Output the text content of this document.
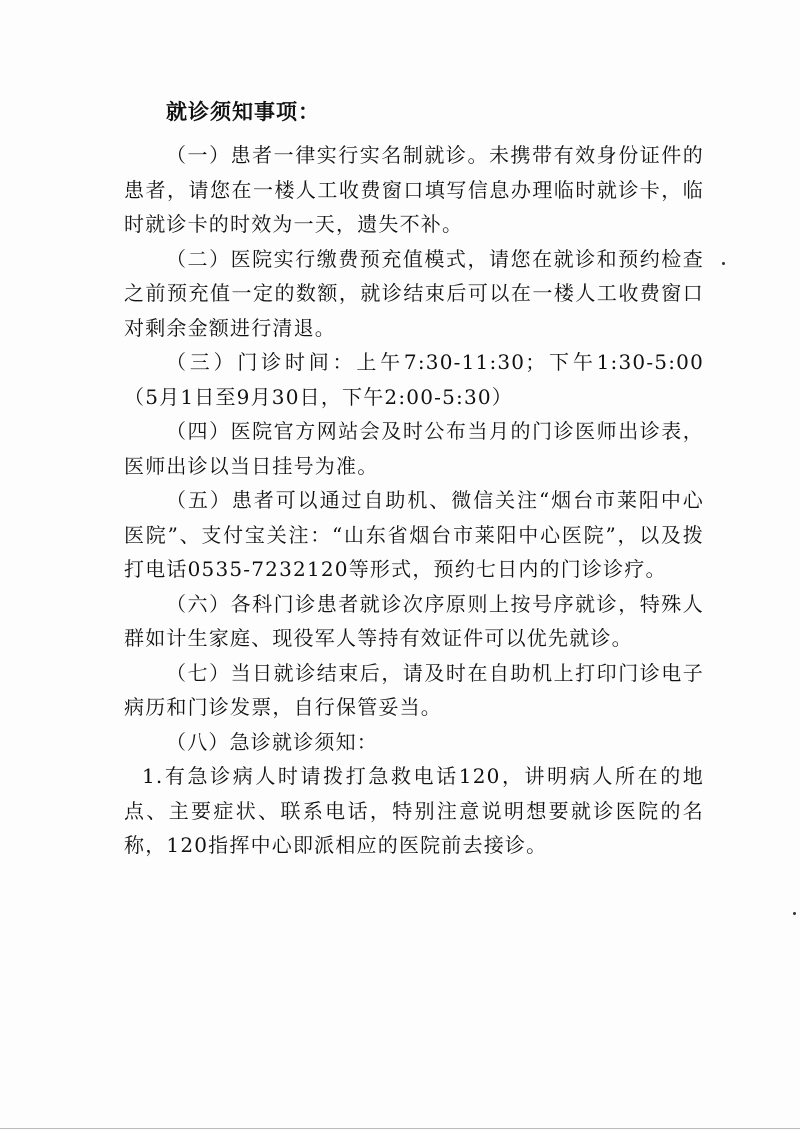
就诊须知事项：

（一）患者一律实行实名制就诊。未携带有效身份证件的患者，请您在一楼人工收费窗口填写信息办理临时就诊卡，临时就诊卡的时效为一天，遗失不补。

（二）医院实行缴费预充值模式，请您在就诊和预约检查之前预充值一定的数额，就诊结束后可以在一楼人工收费窗口对剩余金额进行清退。

（三）门诊时间：上午7:30-11:30；下午1:30-5:00（5月1日至9月30日，下午2:00-5:30）

（四）医院官方网站会及时公布当月的门诊医师出诊表，医师出诊以当日挂号为准。

（五）患者可以通过自助机、微信关注“烟台市莱阳中心医院”、支付宝关注：“山东省烟台市莱阳中心医院”，以及拨打电话0535-7232120等形式，预约七日内的门诊诊疗。

（六）各科门诊患者就诊次序原则上按号序就诊，特殊人群如计生家庭、现役军人等持有效证件可以优先就诊。

（七）当日就诊结束后，请及时在自助机上打印门诊电子病历和门诊发票，自行保管妥当。

（八）急诊就诊须知：

1.有急诊病人时请拨打急救电话120，讲明病人所在的地点、主要症状、联系电话，特别注意说明想要就诊医院的名称，120指挥中心即派相应的医院前去接诊。
